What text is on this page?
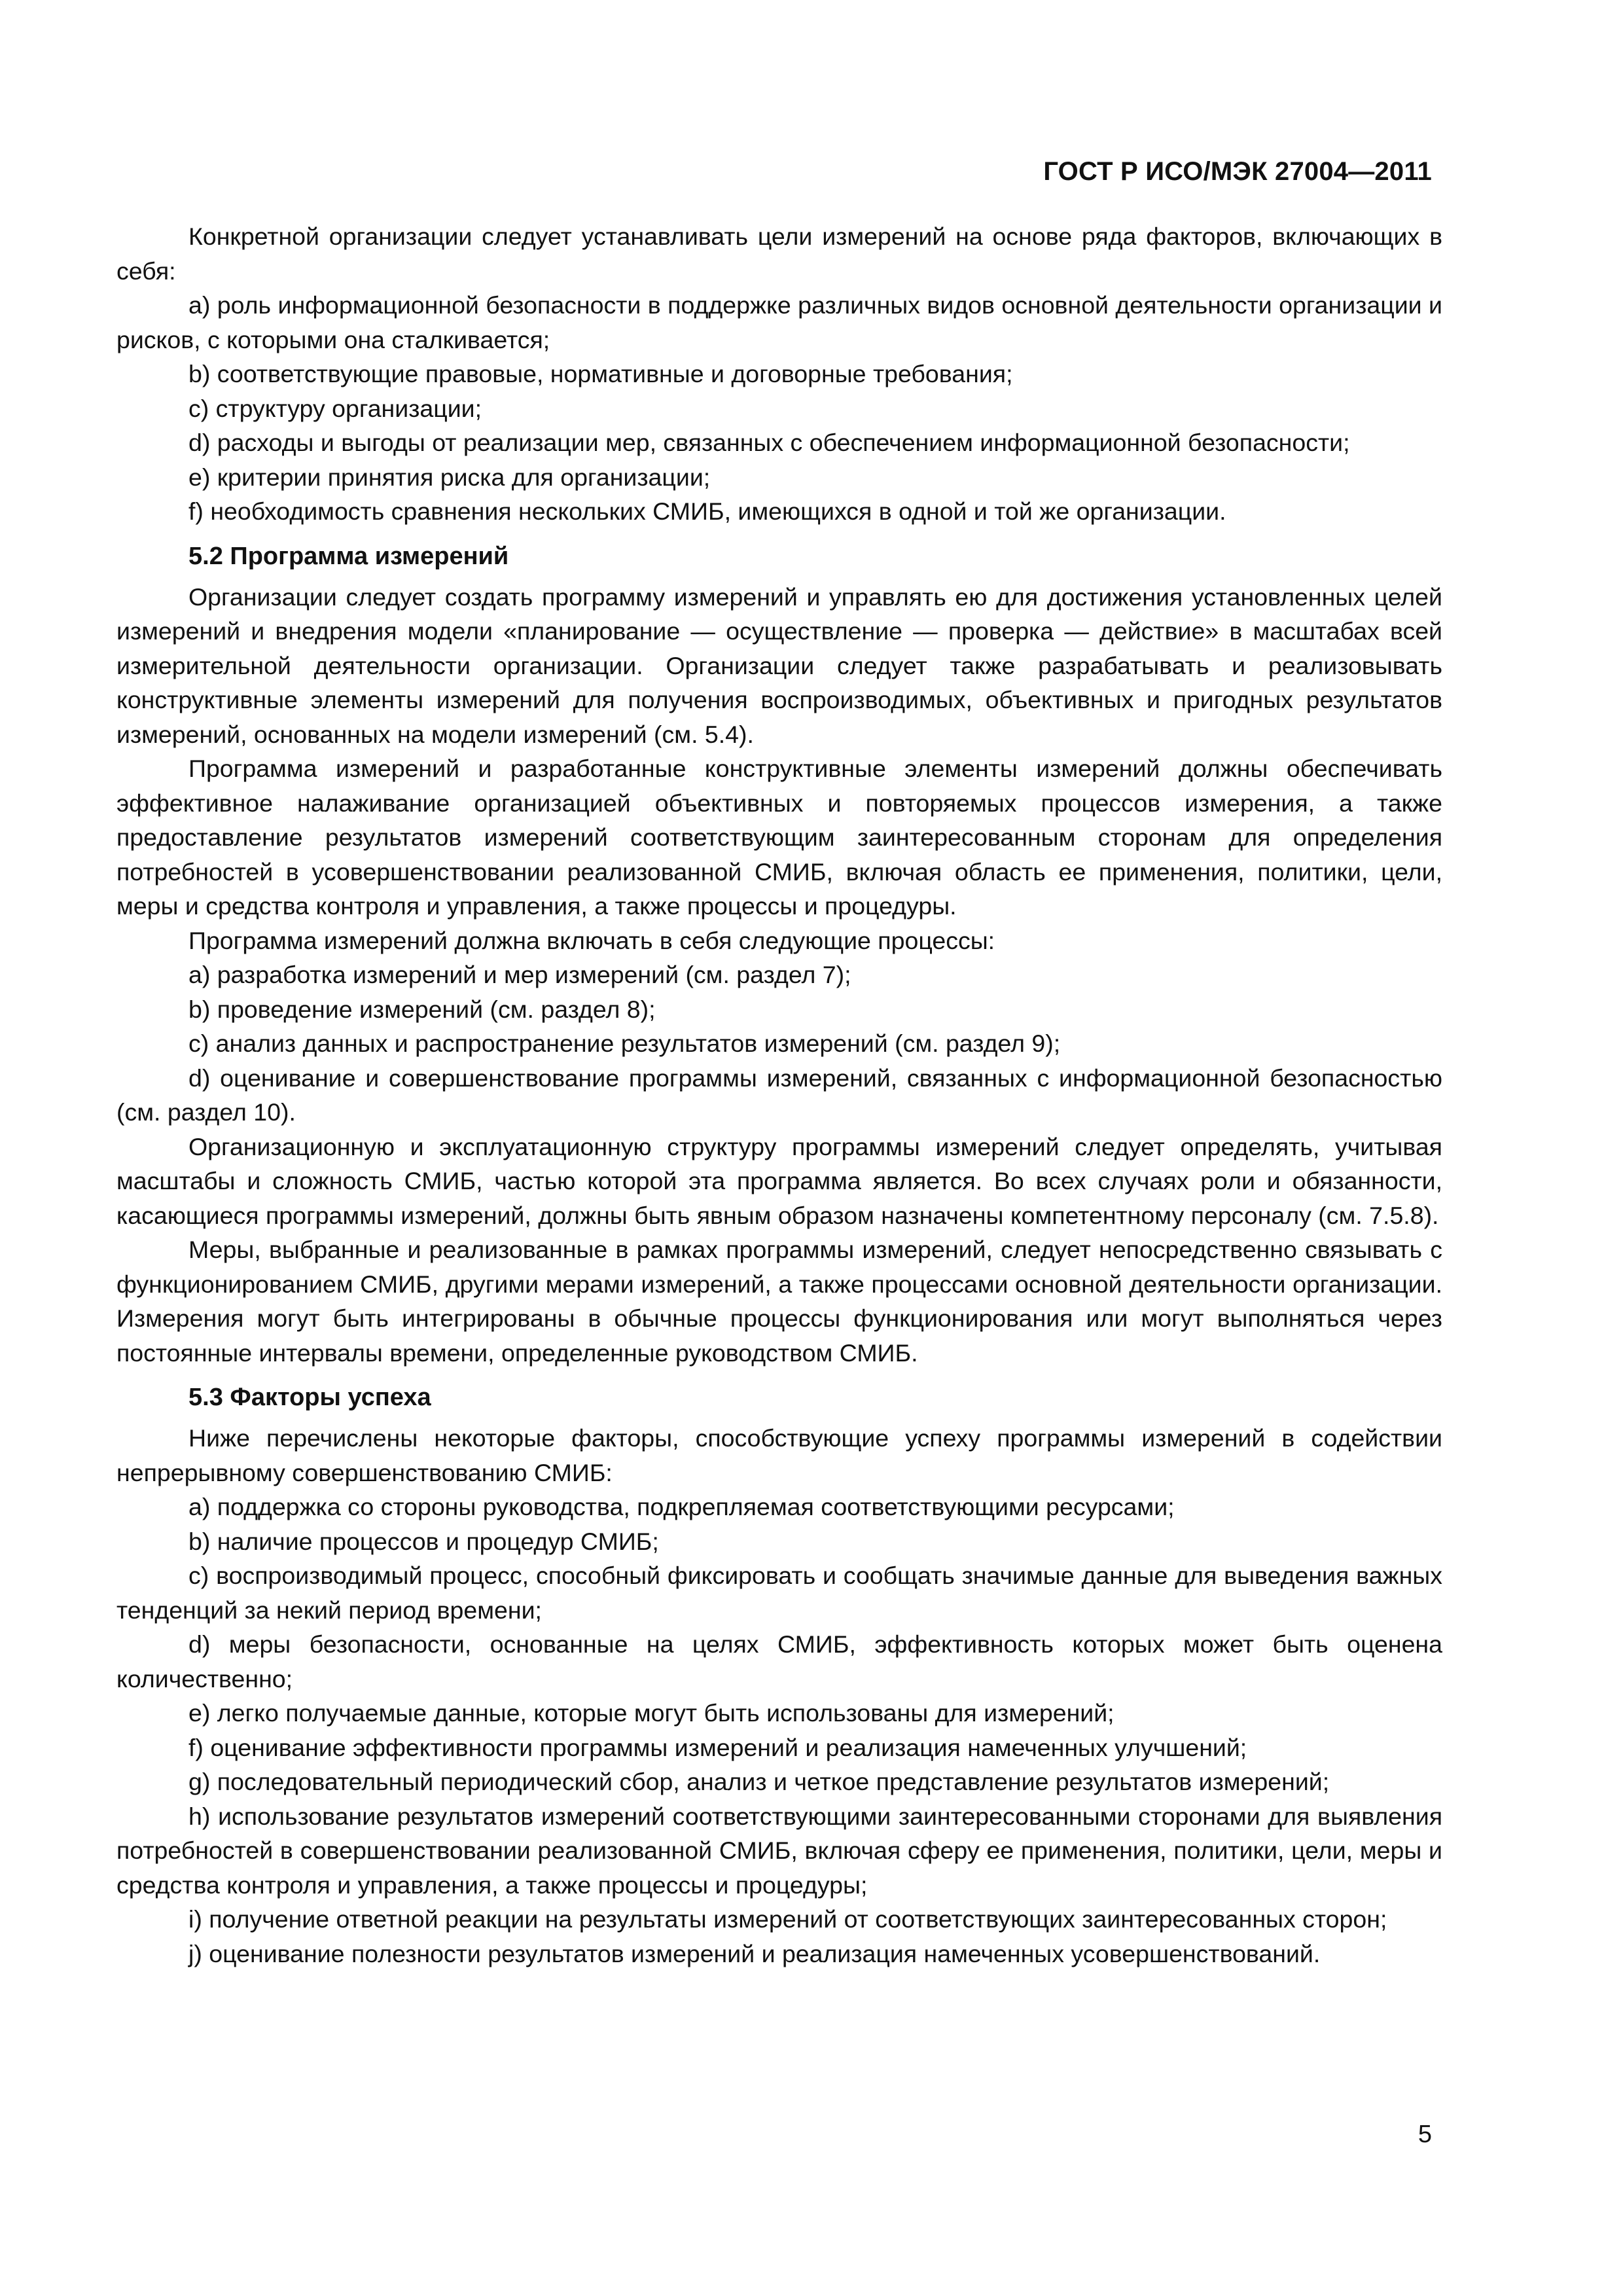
ГОСТ Р ИСО/МЭК 27004—2011

Конкретной организации следует устанавливать цели измерений на основе ряда факторов, включающих в себя:

a) роль информационной безопасности в поддержке различных видов основной деятельности организации и рисков, с которыми она сталкивается;

b) соответствующие правовые, нормативные и договорные требования;

c) структуру организации;

d) расходы и выгоды от реализации мер, связанных с обеспечением информационной безопасности;

e) критерии принятия риска для организации;

f) необходимость сравнения нескольких СМИБ, имеющихся в одной и той же организации.

5.2 Программа измерений

Организации следует создать программу измерений и управлять ею для достижения установленных целей измерений и внедрения модели «планирование — осуществление — проверка — действие» в масштабах всей измерительной деятельности организации. Организации следует также разрабатывать и реализовывать конструктивные элементы измерений для получения воспроизводимых, объективных и пригодных результатов измерений, основанных на модели измерений (см. 5.4).

Программа измерений и разработанные конструктивные элементы измерений должны обеспечивать эффективное налаживание организацией объективных и повторяемых процессов измерения, а также предоставление результатов измерений соответствующим заинтересованным сторонам для определения потребностей в усовершенствовании реализованной СМИБ, включая область ее применения, политики, цели, меры и средства контроля и управления, а также процессы и процедуры.

Программа измерений должна включать в себя следующие процессы:

a) разработка измерений и мер измерений (см. раздел 7);

b) проведение измерений (см. раздел 8);

c) анализ данных и распространение результатов измерений (см. раздел 9);

d) оценивание и совершенствование программы измерений, связанных с информационной безопасностью (см. раздел 10).

Организационную и эксплуатационную структуру программы измерений следует определять, учитывая масштабы и сложность СМИБ, частью которой эта программа является. Во всех случаях роли и обязанности, касающиеся программы измерений, должны быть явным образом назначены компетентному персоналу (см. 7.5.8).

Меры, выбранные и реализованные в рамках программы измерений, следует непосредственно связывать с функционированием СМИБ, другими мерами измерений, а также процессами основной деятельности организации. Измерения могут быть интегрированы в обычные процессы функционирования или могут выполняться через постоянные интервалы времени, определенные руководством СМИБ.

5.3 Факторы успеха

Ниже перечислены некоторые факторы, способствующие успеху программы измерений в содействии непрерывному совершенствованию СМИБ:

a) поддержка со стороны руководства, подкрепляемая соответствующими ресурсами;

b) наличие процессов и процедур СМИБ;

c) воспроизводимый процесс, способный фиксировать и сообщать значимые данные для выведения важных тенденций за некий период времени;

d) меры безопасности, основанные на целях СМИБ, эффективность которых может быть оценена количественно;

e) легко получаемые данные, которые могут быть использованы для измерений;

f) оценивание эффективности программы измерений и реализация намеченных улучшений;

g) последовательный периодический сбор, анализ и четкое представление результатов измерений;

h) использование результатов измерений соответствующими заинтересованными сторонами для выявления потребностей в совершенствовании реализованной СМИБ, включая сферу ее применения, политики, цели, меры и средства контроля и управления, а также процессы и процедуры;

i) получение ответной реакции на результаты измерений от соответствующих заинтересованных сторон;

j) оценивание полезности результатов измерений и реализация намеченных усовершенствований.

5
